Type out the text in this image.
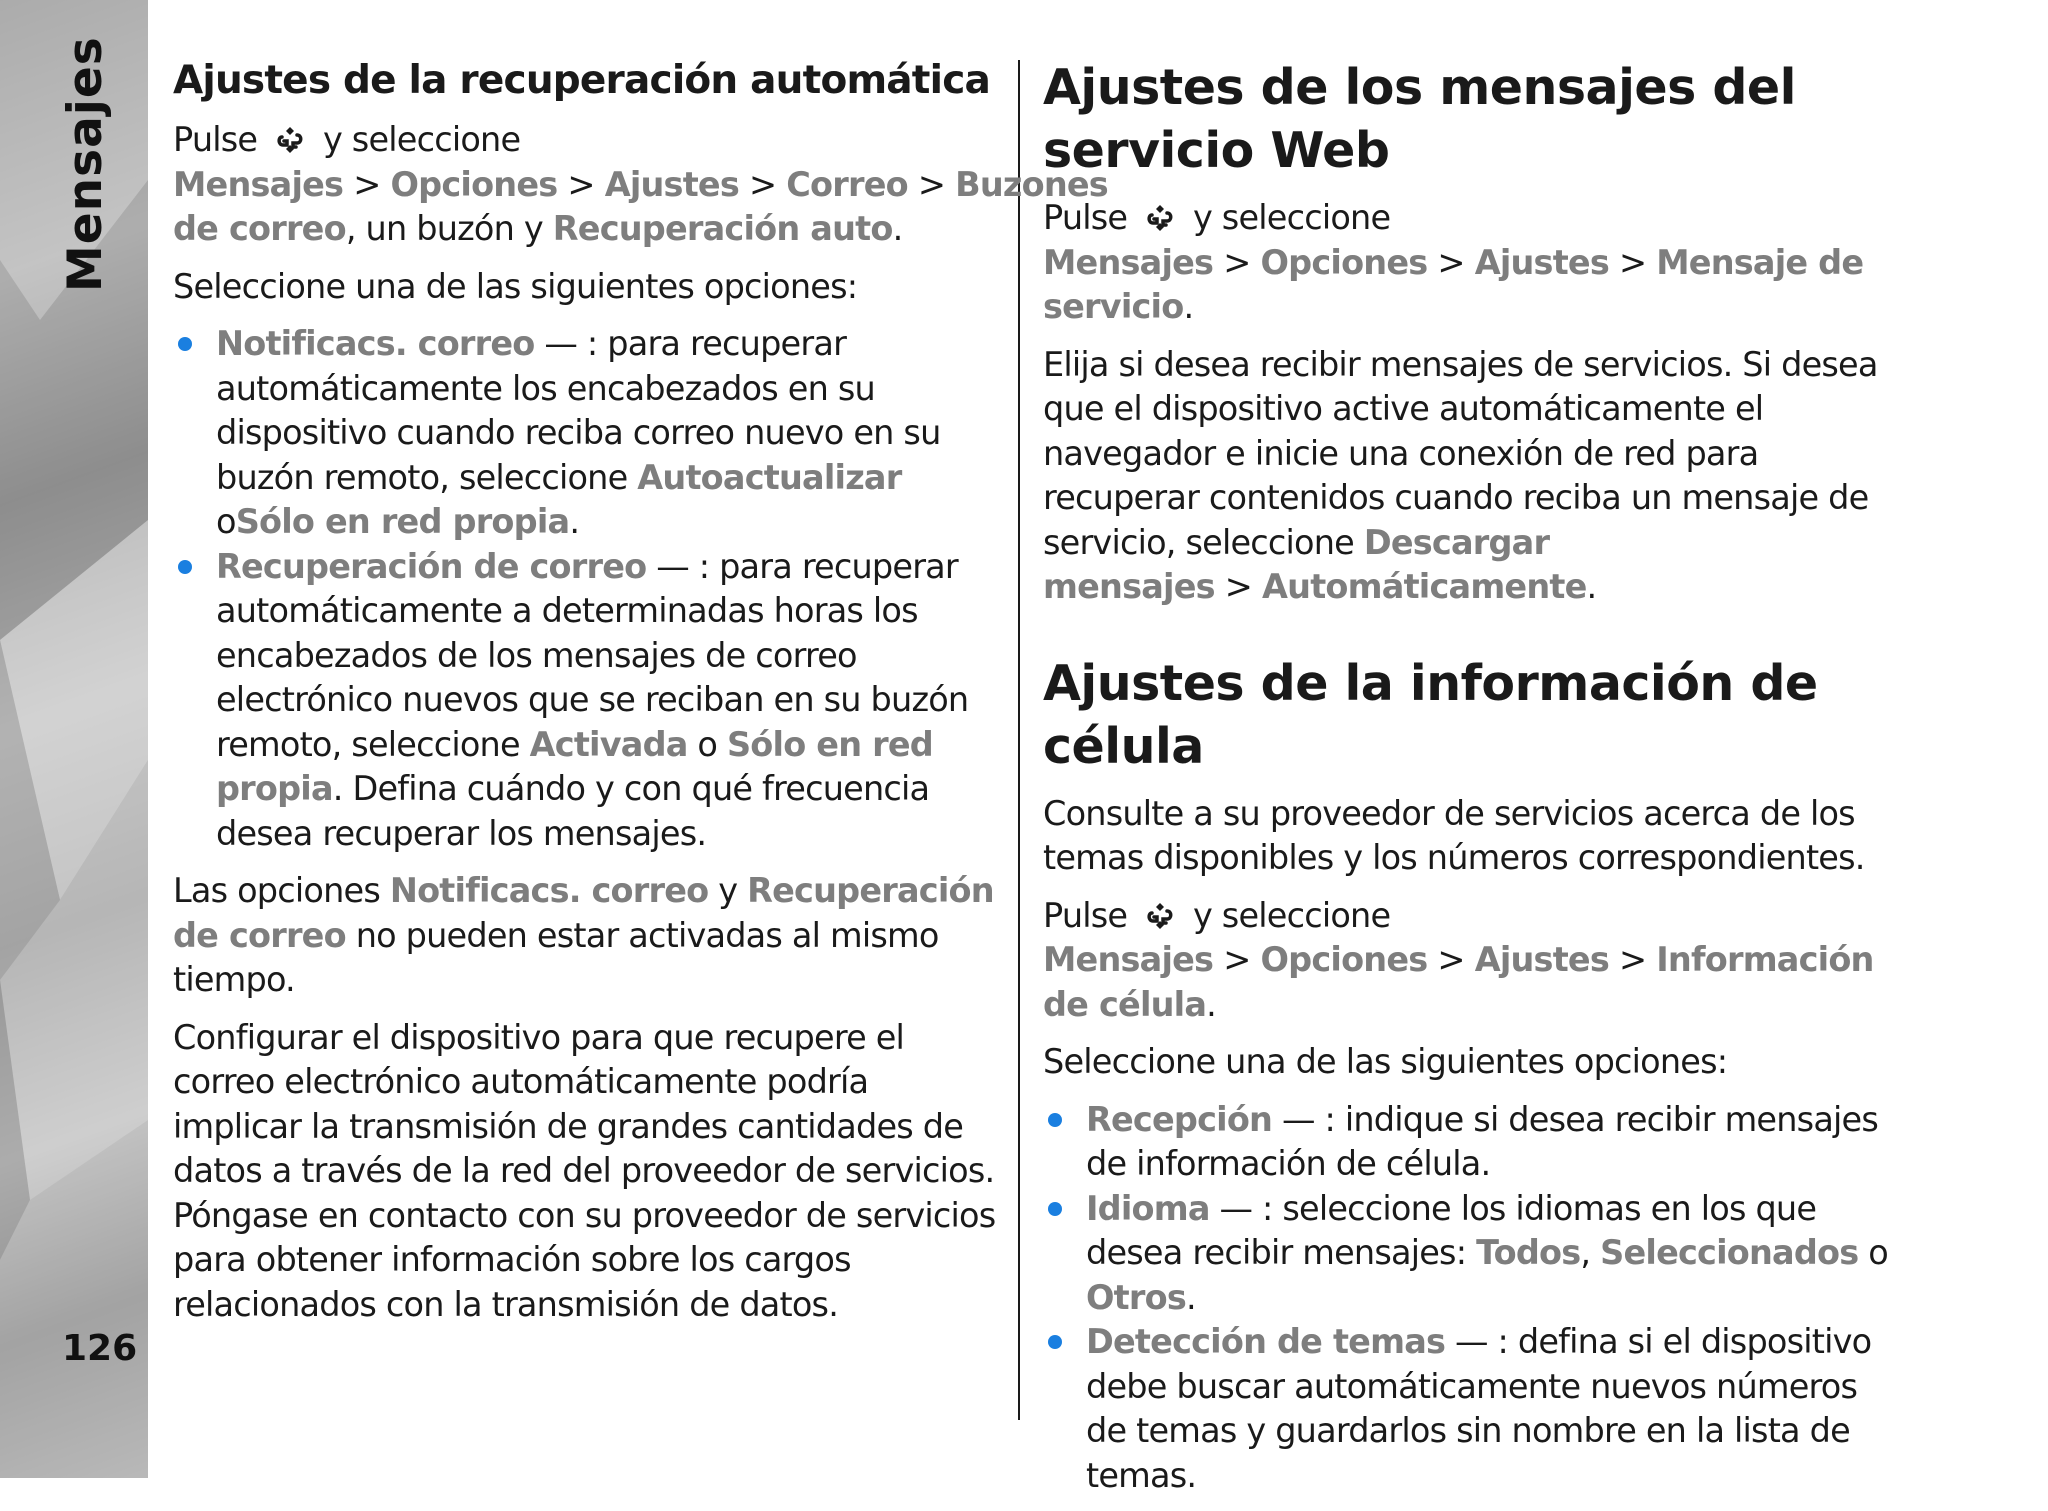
Mensajes
126
Ajustes de la recuperación automática

Pulse y seleccione Mensajes > Opciones > Ajustes > Correo > Buzones de correo, un buzón y Recuperación auto.

Seleccione una de las siguientes opciones:

Notificacs. correo — : para recuperar automáticamente los encabezados en su dispositivo cuando reciba correo nuevo en su buzón remoto, seleccione Autoactualizar oSólo en red propia.
Recuperación de correo — : para recuperar automáticamente a determinadas horas los encabezados de los mensajes de correo electrónico nuevos que se reciban en su buzón remoto, seleccione Activada o Sólo en red propia. Defina cuándo y con qué frecuencia desea recuperar los mensajes.

Las opciones Notificacs. correo y Recuperación de correo no pueden estar activadas al mismo tiempo.

Configurar el dispositivo para que recupere el correo electrónico automáticamente podría implicar la transmisión de grandes cantidades de datos a través de la red del proveedor de servicios. Póngase en contacto con su proveedor de servicios para obtener información sobre los cargos relacionados con la transmisión de datos.

Ajustes de los mensajes del servicio Web

Pulse y seleccione Mensajes > Opciones > Ajustes > Mensaje de servicio.

Elija si desea recibir mensajes de servicios. Si desea que el dispositivo active automáticamente el navegador e inicie una conexión de red para recuperar contenidos cuando reciba un mensaje de servicio, seleccione Descargar mensajes > Automáticamente.

Ajustes de la información de célula

Consulte a su proveedor de servicios acerca de los temas disponibles y los números correspondientes.

Pulse y seleccione Mensajes > Opciones > Ajustes > Información de célula.

Seleccione una de las siguientes opciones:

Recepción — : indique si desea recibir mensajes de información de célula.
Idioma — : seleccione los idiomas en los que desea recibir mensajes: Todos, Seleccionados o Otros.
Detección de temas — : defina si el dispositivo debe buscar automáticamente nuevos números de temas y guardarlos sin nombre en la lista de temas.
